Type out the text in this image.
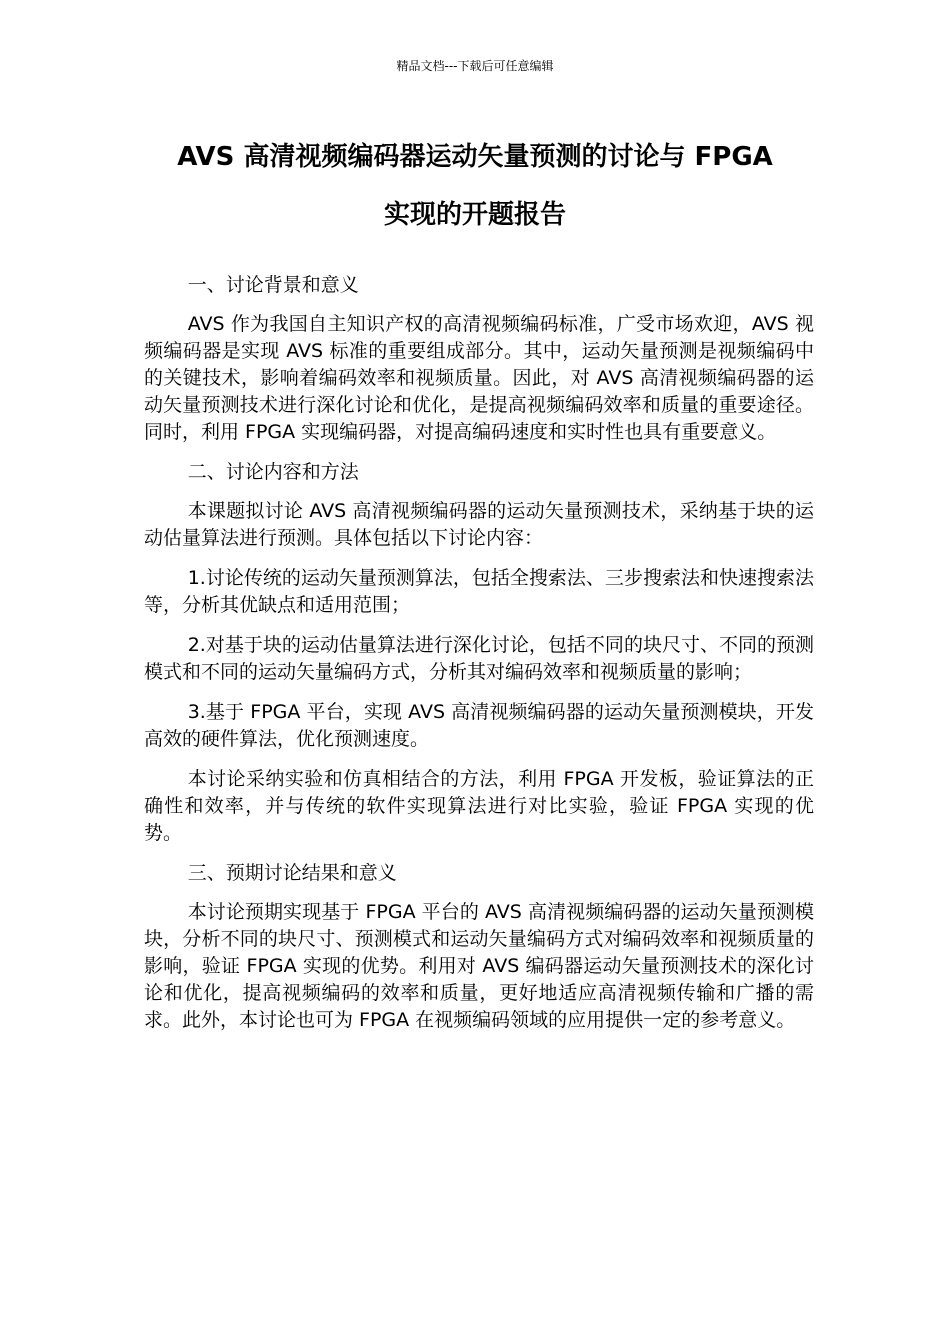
精品文档---下载后可任意编辑
AVS 高清视频编码器运动矢量预测的讨论与 FPGA
实现的开题报告

一、讨论背景和意义

AVS 作为我国自主知识产权的高清视频编码标准，广受市场欢迎，AVS 视频编码器是实现 AVS 标准的重要组成部分。其中，运动矢量预测是视频编码中的关键技术，影响着编码效率和视频质量。因此，对 AVS 高清视频编码器的运动矢量预测技术进行深化讨论和优化，是提高视频编码效率和质量的重要途径。同时，利用 FPGA 实现编码器，对提高编码速度和实时性也具有重要意义。

二、讨论内容和方法

本课题拟讨论 AVS 高清视频编码器的运动矢量预测技术，采纳基于块的运动估量算法进行预测。具体包括以下讨论内容：

1.讨论传统的运动矢量预测算法，包括全搜索法、三步搜索法和快速搜索法等，分析其优缺点和适用范围；

2.对基于块的运动估量算法进行深化讨论，包括不同的块尺寸、不同的预测模式和不同的运动矢量编码方式，分析其对编码效率和视频质量的影响；

3.基于 FPGA 平台，实现 AVS 高清视频编码器的运动矢量预测模块，开发高效的硬件算法，优化预测速度。

本讨论采纳实验和仿真相结合的方法，利用 FPGA 开发板，验证算法的正确性和效率，并与传统的软件实现算法进行对比实验，验证 FPGA 实现的优势。

三、预期讨论结果和意义

本讨论预期实现基于 FPGA 平台的 AVS 高清视频编码器的运动矢量预测模块，分析不同的块尺寸、预测模式和运动矢量编码方式对编码效率和视频质量的影响，验证 FPGA 实现的优势。利用对 AVS 编码器运动矢量预测技术的深化讨论和优化，提高视频编码的效率和质量，更好地适应高清视频传输和广播的需求。此外，本讨论也可为 FPGA 在视频编码领域的应用提供一定的参考意义。
